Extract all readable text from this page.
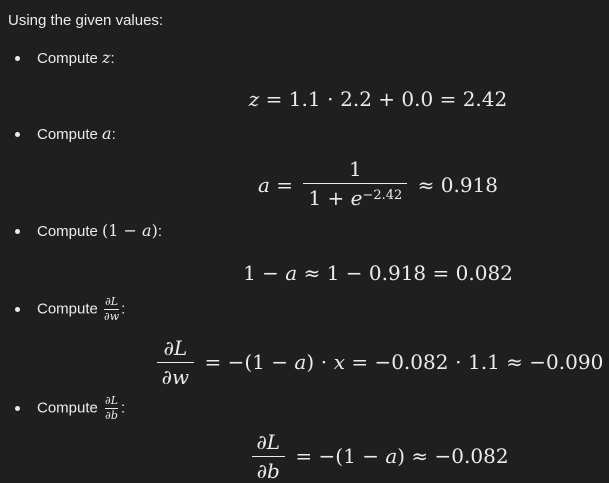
Using the given values:

Compute z:
z = 1.1 ⋅ 2.2 + 0.0 = 2.42
Compute a:
$a = \frac{1}{1 + e^{-2.42}} \approx 0.918$
Compute (1 − a):
1 − a ≈ 1 − 0.918 = 0.082
Compute $\frac{\partial L}{\partial w}$ :
$\frac{\partial L}{\partial w} = -(1 - a$ ) ⋅ x = −0.082 ⋅ 1.1 ≈ −0.090
Compute $\frac{\partial L}{\partial b}$ :
$\frac{\partial L}{\partial b} = -(1 - a$ ) ≈ −0.082
